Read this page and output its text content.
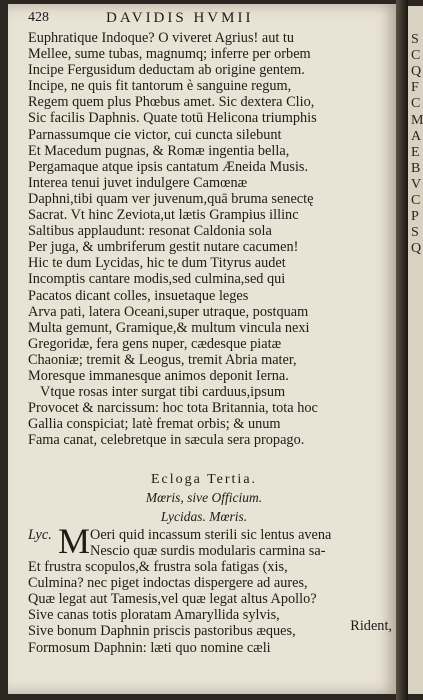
428	DAVIDIS HVMII
Euphratique Indoque? O viveret Agrius! aut tu
Mellee, sume tubas, magnumq; inferre per orbem
Incipe Fergusidum deductam ab origine gentem.
Incipe, ne quis fit tantorum è sanguine regum,
Regem quem plus Phœbus amet. Sic dextera Clio,
Sic facilis Daphnis. Quate totū Helicona triumphis
Parnassumque cie victor, cui cuncta silebunt
Et Macedum pugnas, & Romæ ingentia bella,
Pergamaque atque ipsis cantatum Æneida Musis.
Interea tenui juvet indulgere Camœnæ
Daphni,tibi quam ver juvenum,quā bruma senectę
Sacrat. Vt hinc Zeviota,ut lætis Grampius illinc
Saltibus applaudunt: resonat Caldonia sola
Per juga, & umbriferum gestit nutare cacumen!
Hic te dum Lycidas, hic te dum Tityrus audet
Incomptis cantare modis,sed culmina,sed qui
Pacatos dicant colles, insuetaque leges
Arva pati, latera Oceani,super utraque, postquam
Multa gemunt, Gramique,& multum vincula nexi
Gregoridæ, fera gens nuper, cædesque piatæ
Chaoniæ; tremit & Leogus, tremit Abria mater,
Moresque immanesque animos deponit Ierna.
Vtque rosas inter surgat tibi carduus,ipsum
Provocet & narcissum: hoc tota Britannia, tota hoc
Gallia conspiciat; latè fremat orbis; & unum
Fama canat, celebretque in sæcula sera propago.
Ecloga Tertia.
Mœris, sive Officium.
Lycidas. Mœris.
Lyc. M Oeri quid incassum sterili sic lentus avena
Nescio quæ surdis modularis carmina sa-
Et frustra scopulos,& frustra sola fatigas (xis,
Culmina? nec piget indoctas dispergere ad aures,
Quæ legat aut Tamesis,vel quæ legat altus Apollo?
Sive canas totis ploratam Amaryllida sylvis,
Sive bonum Daphnin priscis pastoribus æques,
Formosum Daphnin: læti quo nomine cæli
Rident,
S
C
Q
F
C
M
A
E
B
V
C
P
S
Q
